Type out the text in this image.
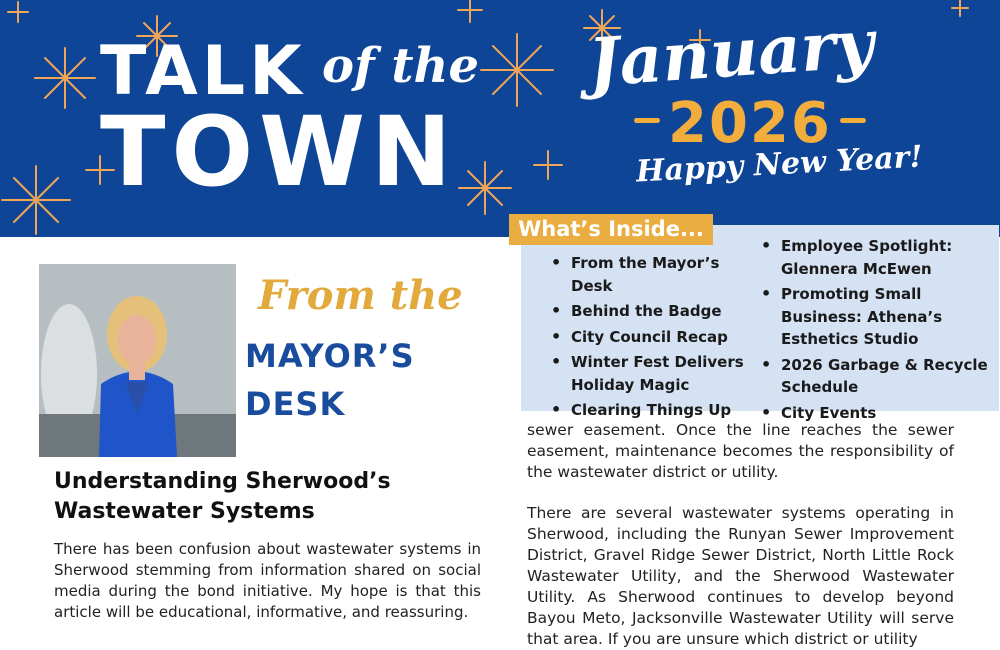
TALK of the
TOWN
January
2026
Happy New Year!
What’s Inside...
• From the Mayor’s Desk
• Behind the Badge
• City Council Recap
• Winter Fest Delivers Holiday Magic
• Clearing Things Up
• Employee Spotlight: Glennera McEwen
• Promoting Small Business: Athena’s Esthetics Studio
• 2026 Garbage & Recycle Schedule
• City Events
From the
MAYOR’S
DESK
Understanding Sherwood’s Wastewater Systems

There has been confusion about wastewater systems in Sherwood stemming from information shared on social media during the bond initiative. My hope is that this article will be educational, informative, and reassuring.

sewer easement. Once the line reaches the sewer easement, maintenance becomes the responsibility of the wastewater district or utility.

There are several wastewater systems operating in Sherwood, including the Runyan Sewer Improvement District, Gravel Ridge Sewer District, North Little Rock Wastewater Utility, and the Sherwood Wastewater Utility. As Sherwood continues to develop beyond Bayou Meto, Jacksonville Wastewater Utility will serve that area. If you are unsure which district or utility
